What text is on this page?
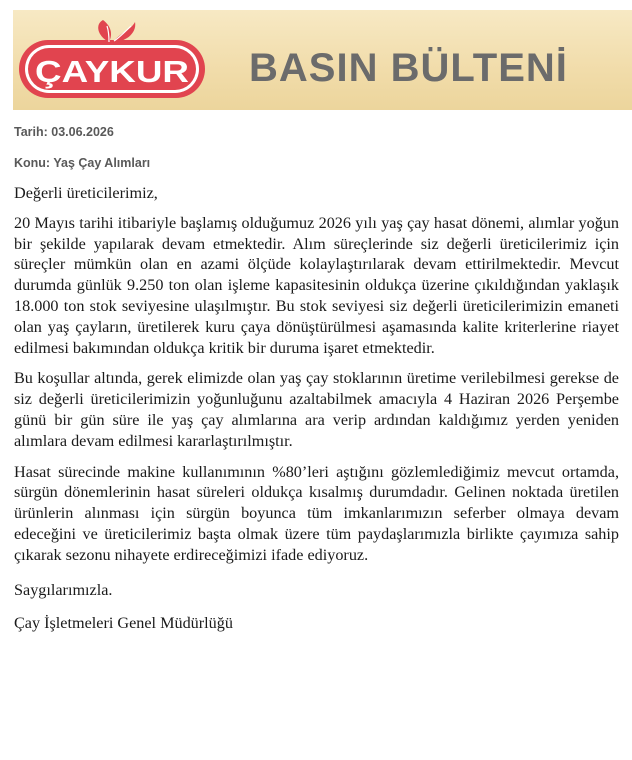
ÇAYKUR BASIN BÜLTENİ
Tarih: 03.06.2026
Konu: Yaş Çay Alımları

Değerli üreticilerimiz,

20 Mayıs tarihi itibariyle başlamış olduğumuz 2026 yılı yaş çay hasat dönemi, alımlar yoğun bir şekilde yapılarak devam etmektedir. Alım süreçlerinde siz değerli üreticilerimiz için süreçler mümkün olan en azami ölçüde kolaylaştırılarak devam ettirilmektedir. Mevcut durumda günlük 9.250 ton olan işleme kapasitesinin oldukça üzerine çıkıldığından yaklaşık 18.000 ton stok seviyesine ulaşılmıştır. Bu stok seviyesi siz değerli üreticilerimizin emaneti olan yaş çayların, üretilerek kuru çaya dönüştürülmesi aşamasında kalite kriterlerine riayet edilmesi bakımından oldukça kritik bir duruma işaret etmektedir.

Bu koşullar altında, gerek elimizde olan yaş çay stoklarının üretime verilebilmesi gerekse de siz değerli üreticilerimizin yoğunluğunu azaltabilmek amacıyla 4 Haziran 2026 Perşembe günü bir gün süre ile yaş çay alımlarına ara verip ardından kaldığımız yerden yeniden alımlara devam edilmesi kararlaştırılmıştır.

Hasat sürecinde makine kullanımının %80’leri aştığını gözlemlediğimiz mevcut ortamda, sürgün dönemlerinin hasat süreleri oldukça kısalmış durumdadır. Gelinen noktada üretilen ürünlerin alınması için sürgün boyunca tüm imkanlarımızın seferber olmaya devam edeceğini ve üreticilerimiz başta olmak üzere tüm paydaşlarımızla birlikte çayımıza sahip çıkarak sezonu nihayete erdireceğimizi ifade ediyoruz.

Saygılarımızla.

Çay İşletmeleri Genel Müdürlüğü
